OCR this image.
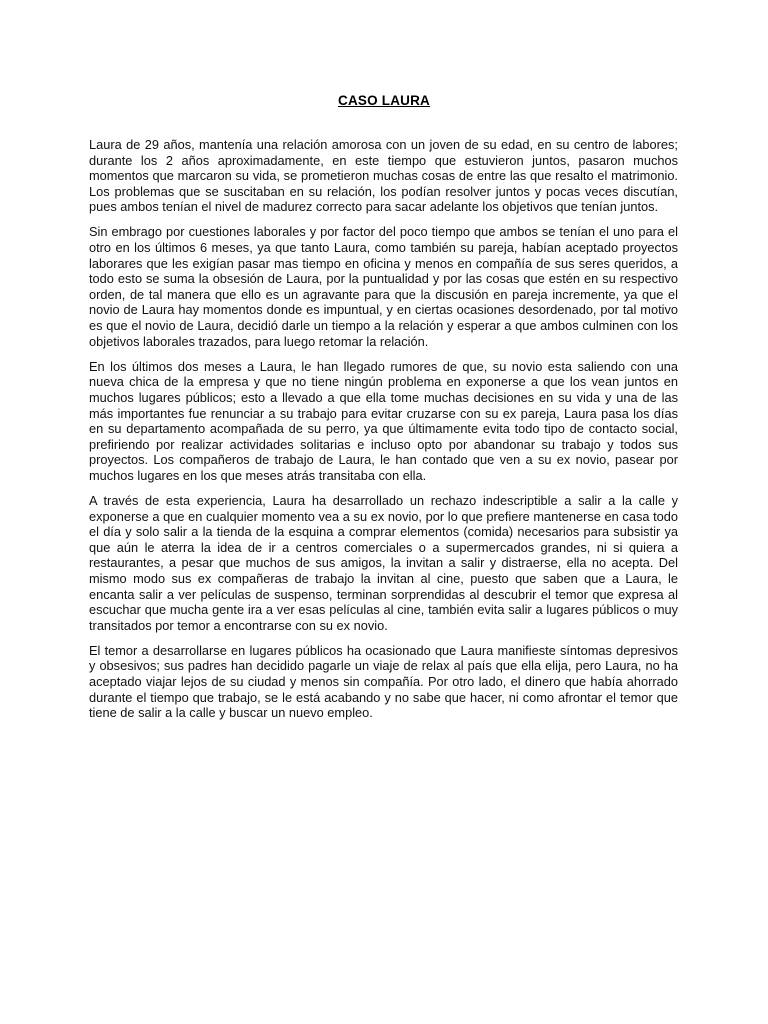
CASO LAURA

Laura de 29 años, mantenía una relación amorosa con un joven de su edad, en su centro de labores; durante los 2 años aproximadamente, en este tiempo que estuvieron juntos, pasaron muchos momentos que marcaron su vida, se prometieron muchas cosas de entre las que resalto el matrimonio. Los problemas que se suscitaban en su relación, los podían resolver juntos y pocas veces discutían, pues ambos tenían el nivel de madurez correcto para sacar adelante los objetivos que tenían juntos.

Sin embrago por cuestiones laborales y por factor del poco tiempo que ambos se tenían el uno para el otro en los últimos 6 meses, ya que tanto Laura, como también su pareja, habían aceptado proyectos laborares que les exigían pasar mas tiempo en oficina y menos en compañía de sus seres queridos, a todo esto se suma la obsesión de Laura, por la puntualidad y por las cosas que estén en su respectivo orden, de tal manera que ello es un agravante para que la discusión en pareja incremente, ya que el novio de Laura hay momentos donde es impuntual, y en ciertas ocasiones desordenado, por tal motivo es que el novio de Laura, decidió darle un tiempo a la relación y esperar a que ambos culminen con los objetivos laborales trazados, para luego retomar la relación.

En los últimos dos meses a Laura, le han llegado rumores de que, su novio esta saliendo con una nueva chica de la empresa y que no tiene ningún problema en exponerse a que los vean juntos en muchos lugares públicos; esto a llevado a que ella tome muchas decisiones en su vida y una de las más importantes fue renunciar a su trabajo para evitar cruzarse con su ex pareja, Laura pasa los días en su departamento acompañada de su perro, ya que últimamente evita todo tipo de contacto social, prefiriendo por realizar actividades solitarias e incluso opto por abandonar su trabajo y todos sus proyectos. Los compañeros de trabajo de Laura, le han contado que ven a su ex novio, pasear por muchos lugares en los que meses atrás transitaba con ella.

A través de esta experiencia, Laura ha desarrollado un rechazo indescriptible a salir a la calle y exponerse a que en cualquier momento vea a su ex novio, por lo que prefiere mantenerse en casa todo el día y solo salir a la tienda de la esquina a comprar elementos (comida) necesarios para subsistir ya que aún le aterra la idea de ir a centros comerciales o a supermercados grandes, ni si quiera a restaurantes, a pesar que muchos de sus amigos, la invitan a salir y distraerse, ella no acepta. Del mismo modo sus ex compañeras de trabajo la invitan al cine, puesto que saben que a Laura, le encanta salir a ver películas de suspenso, terminan sorprendidas al descubrir el temor que expresa al escuchar que mucha gente ira a ver esas películas al cine, también evita salir a lugares públicos o muy transitados por temor a encontrarse con su ex novio.

El temor a desarrollarse en lugares públicos ha ocasionado que Laura manifieste síntomas depresivos y obsesivos; sus padres han decidido pagarle un viaje de relax al país que ella elija, pero Laura, no ha aceptado viajar lejos de su ciudad y menos sin compañía. Por otro lado, el dinero que había ahorrado durante el tiempo que trabajo, se le está acabando y no sabe que hacer, ni como afrontar el temor que tiene de salir a la calle y buscar un nuevo empleo.
